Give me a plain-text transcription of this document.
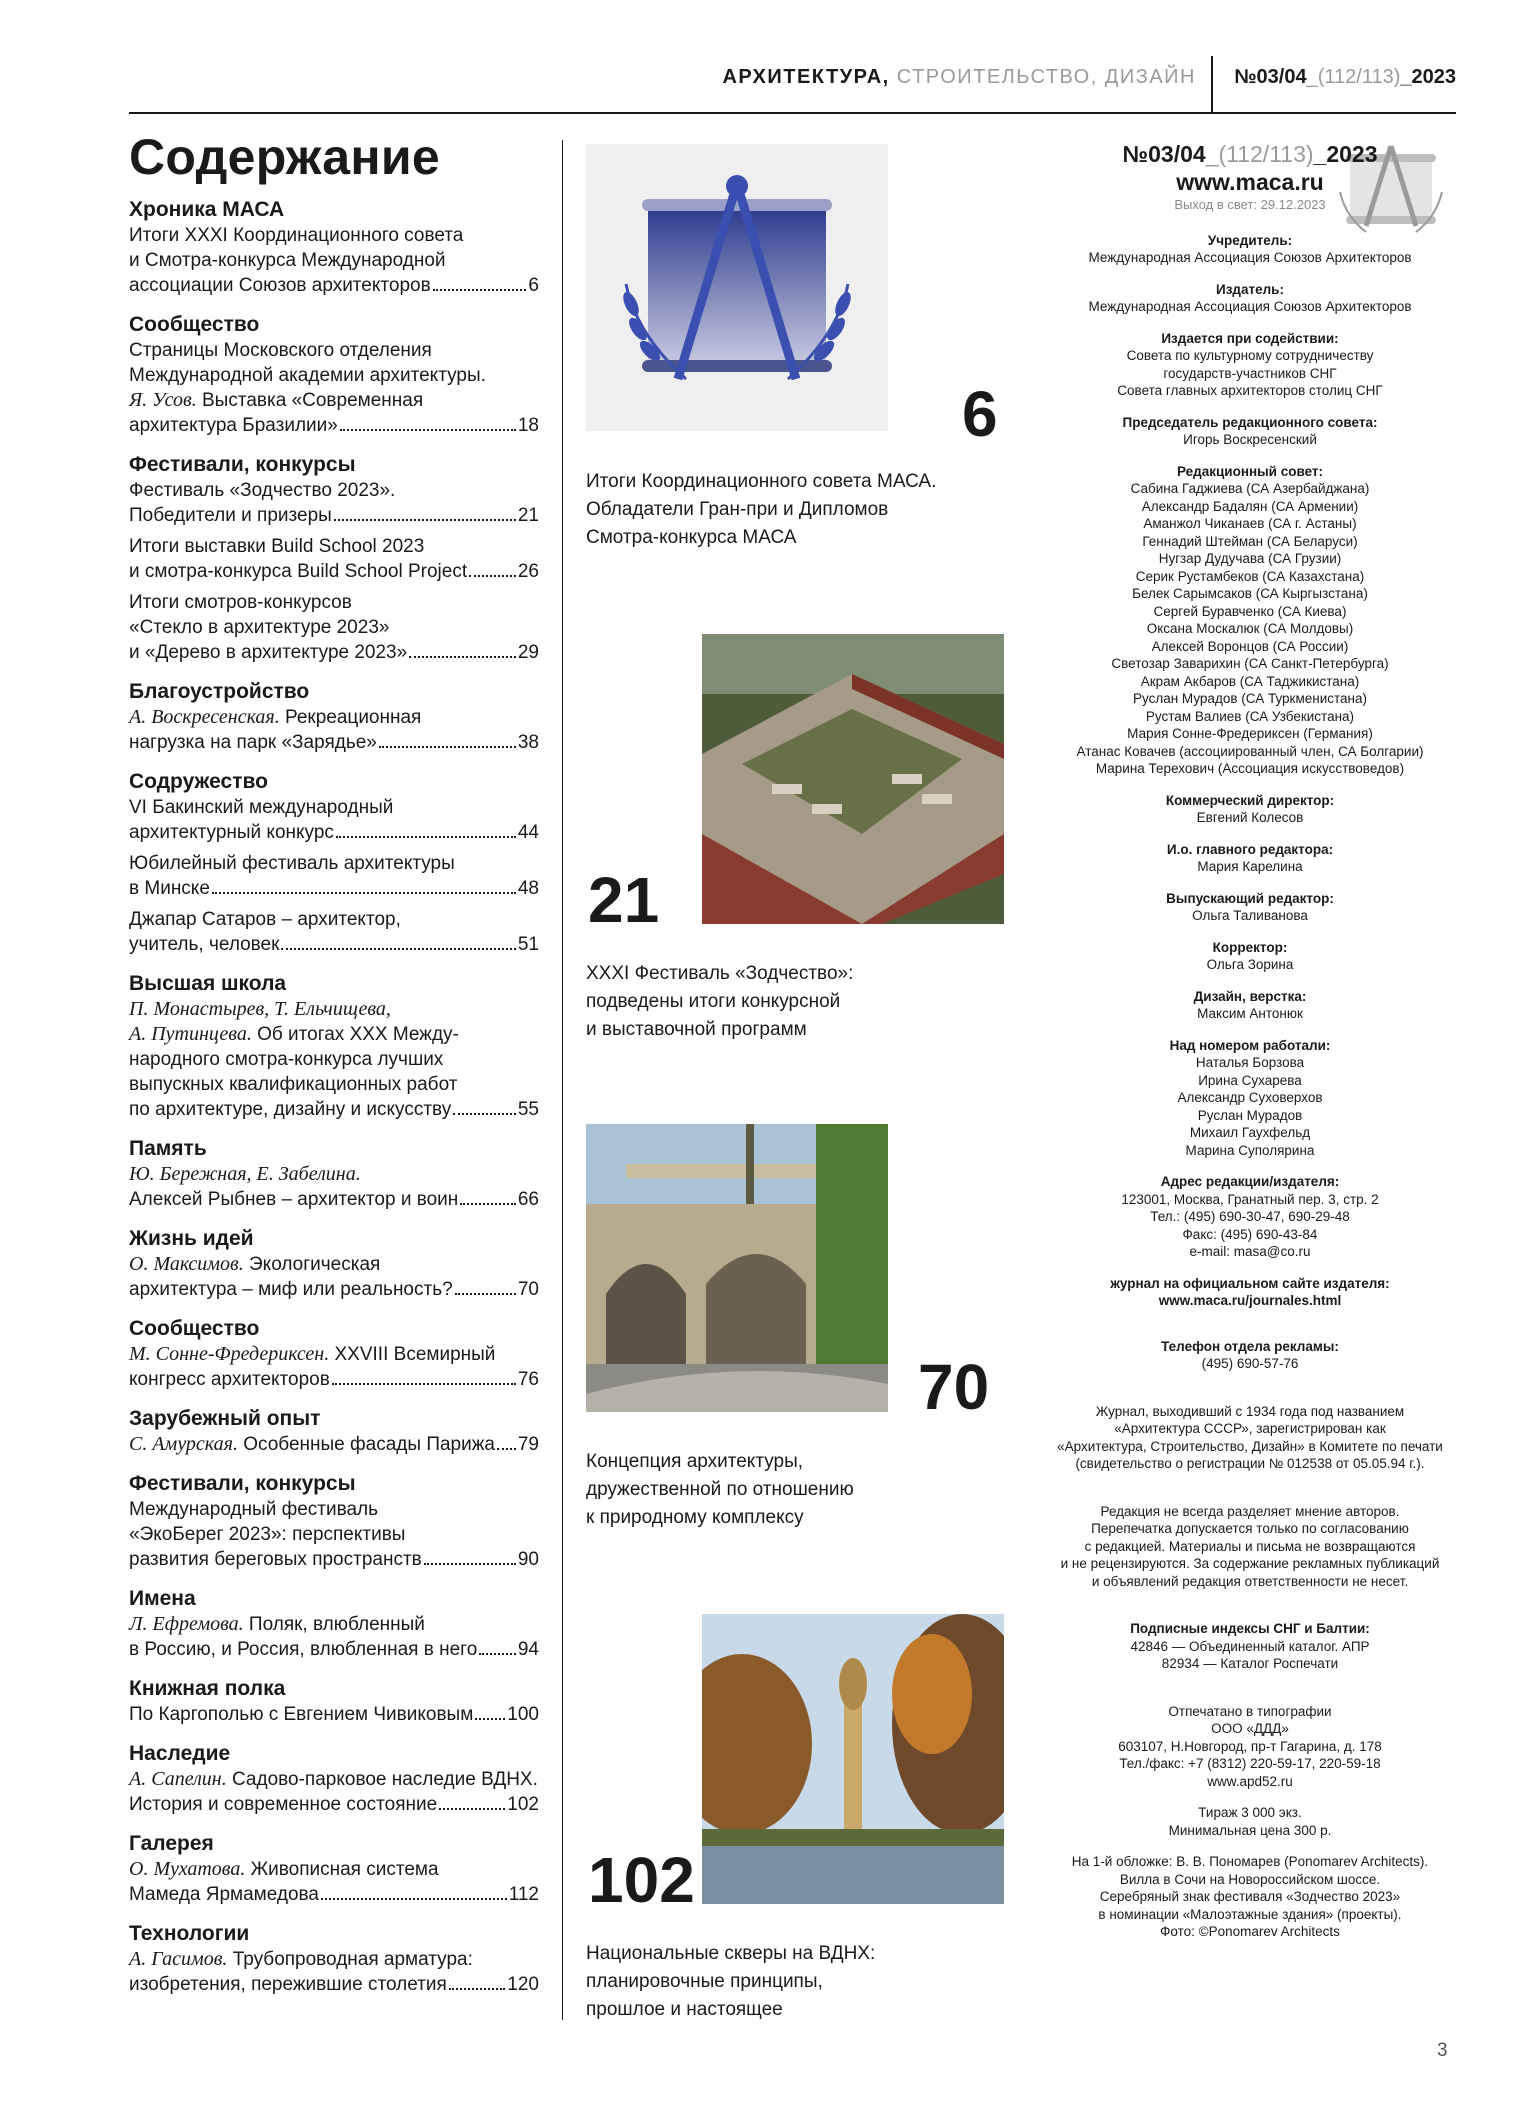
АРХИТЕКТУРА, СТРОИТЕЛЬСТВО, ДИЗАЙН №03/04_(112/113)_2023
Содержание
Хроника МАСА
Итоги XXXI Координационного совета
и Смотра-конкурса Международной
ассоциации Союзов архитекторов	6
Сообщество
Страницы Московского отделения
Международной академии архитектуры.
Я. Усов. Выставка «Современная
архитектура Бразилии»	18
Фестивали, конкурсы
Фестиваль «Зодчество 2023».
Победители и призеры	21
Итоги выставки Build School 2023
и смотра-конкурса Build School Project	26
Итоги смотров-конкурсов
«Стекло в архитектуре 2023»
и «Дерево в архитектуре 2023»	29
Благоустройство
А. Воскресенская. Рекреационная
нагрузка на парк «Зарядье»	38
Содружество
VI Бакинский международный
архитектурный конкурс	44
Юбилейный фестиваль архитектуры
в Минске	48
Джапар Сатаров – архитектор,
учитель, человек	51
Высшая школа
П. Монастырев, Т. Ельчищева,
А. Путинцева. Об итогах XXX Между-
народного смотра-конкурса лучших
выпускных квалификационных работ
по архитектуре, дизайну и искусству	55
Память
Ю. Бережная, Е. Забелина.
Алексей Рыбнев – архитектор и воин	66
Жизнь идей
О. Максимов. Экологическая
архитектура – миф или реальность?	70
Сообщество
М. Сонне-Фредериксен. XXVIII Всемирный
конгресс архитекторов	76
Зарубежный опыт
С. Амурская. Особенные фасады Парижа 79
Фестивали, конкурсы
Международный фестиваль
«ЭкоБерег 2023»: перспективы
развития береговых пространств	90
Имена
Л. Ефремова. Поляк, влюбленный
в Россию, и Россия, влюбленная в него 94
Книжная полка
По Каргополью с Евгением Чивиковым 100
Наследие
А. Сапелин. Садово-парковое наследие ВДНХ.
История и современное состояние	102
Галерея
О. Мухатова. Живописная система
Мамеда Ярмамедова	112
Технологии
А. Гасимов. Трубопроводная арматура:
изобретения, пережившие столетия	120
6
Итоги Координационного совета МАСА.
Обладатели Гран-при и Дипломов
Смотра-конкурса МАСА
21
XXXI Фестиваль «Зодчество»:
подведены итоги конкурсной
и выставочной программ
70
Концепция архитектуры,
дружественной по отношению
к природному комплексу
102
Национальные скверы на ВДНХ:
планировочные принципы,
прошлое и настоящее
№03/04_(112/113)_2023
www.maca.ru
Выход в свет: 29.12.2023
Учредитель:
Международная Ассоциация Союзов Архитекторов
Издатель:
Международная Ассоциация Союзов Архитекторов
Издается при содействии:
Совета по культурному сотрудничеству
государств-участников СНГ
Совета главных архитекторов столиц СНГ
Председатель редакционного совета:
Игорь Воскресенский
Редакционный совет:
Сабина Гаджиева (СА Азербайджана)
Александр Бадалян (СА Армении)
Аманжол Чиканаев (СА г. Астаны)
Геннадий Штейман (СА Беларуси)
Нугзар Дудучава (СА Грузии)
Серик Рустамбеков (СА Казахстана)
Белек Сарымсаков (СА Кыргызстана)
Сергей Буравченко (СА Киева)
Оксана Москалюк (СА Молдовы)
Алексей Воронцов (СА России)
Светозар Заварихин (СА Санкт-Петербурга)
Акрам Акбаров (СА Таджикистана)
Руслан Мурадов (СА Туркменистана)
Рустам Валиев (СА Узбекистана)
Мария Сонне-Фредериксен (Германия)
Атанас Ковачев (ассоциированный член, СА Болгарии)
Марина Терехович (Ассоциация искусствоведов)
Коммерческий директор:
Евгений Колесов
И.о. главного редактора:
Мария Карелина
Выпускающий редактор:
Ольга Таливанова
Корректор:
Ольга Зорина
Дизайн, верстка:
Максим Антонюк
Над номером работали:
Наталья Борзова
Ирина Сухарева
Александр Суховерхов
Руслан Мурадов
Михаил Гаухфельд
Марина Суполярина
Адрес редакции/издателя:
123001, Москва, Гранатный пер. 3, стр. 2
Тел.: (495) 690-30-47, 690-29-48
Факс: (495) 690-43-84
e-mail: masa@co.ru
журнал на официальном сайте издателя:
www.maca.ru/journales.html
Телефон отдела рекламы:
(495) 690-57-76
Журнал, выходивший с 1934 года под названием
«Архитектура СССР», зарегистрирован как
«Архитектура, Строительство, Дизайн» в Комитете по печати
(свидетельство о регистрации № 012538 от 05.05.94 г.).
Редакция не всегда разделяет мнение авторов.
Перепечатка допускается только по согласованию
с редакцией. Материалы и письма не возвращаются
и не рецензируются. За содержание рекламных публикаций
и объявлений редакция ответственности не несет.
Подписные индексы СНГ и Балтии:
42846 — Объединенный каталог. АПР
82934 — Каталог Роспечати
Отпечатано в типографии
ООО «ДДД»
603107, Н.Новгород, пр-т Гагарина, д. 178
Тел./факс: +7 (8312) 220-59-17, 220-59-18
www.apd52.ru
Тираж 3 000 экз.
Минимальная цена 300 р.
На 1-й обложке: В. В. Пономарев (Ponomarev Architects).
Вилла в Сочи на Новороссийском шоссе.
Серебряный знак фестиваля «Зодчество 2023»
в номинации «Малоэтажные здания» (проекты).
Фото: ©Ponomarev Architects
3
